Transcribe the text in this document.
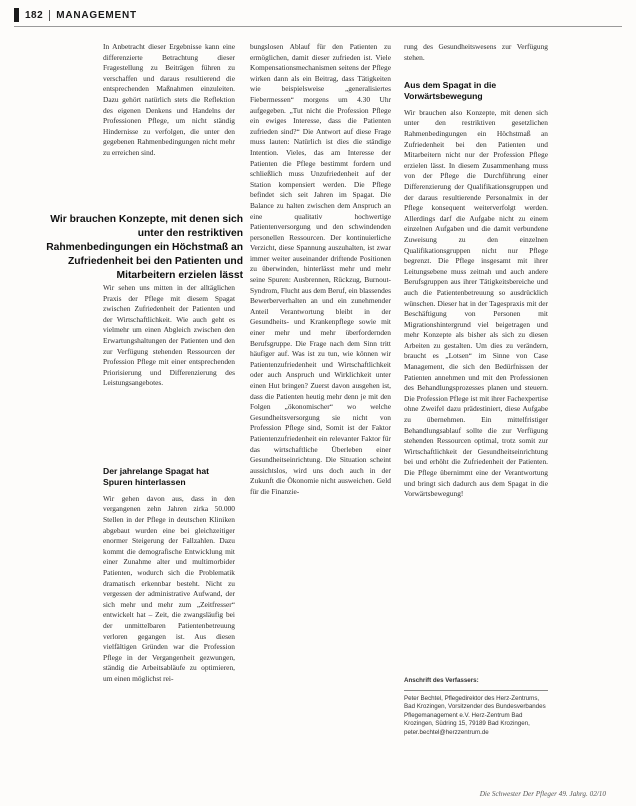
182 MANAGEMENT

In Anbetracht dieser Ergebnisse kann eine differenzierte Betrachtung dieser Fragestellung zu Beiträgen führen zu verschaffen und daraus resultierend die entsprechenden Maßnahmen einzuleiten. Dazu gehört natürlich stets die Reflektion des eigenen Denkens und Handelns der Professionen Pflege, um nicht ständig Hindernisse zu verfolgen, die unter den gegebenen Rahmenbedingungen nicht mehr zu erreichen sind.

Wir brauchen Konzepte, mit denen sich unter den restriktiven Rahmenbedingungen ein Höchstmaß an Zufriedenheit bei den Patienten und Mitarbeitern erzielen lässt

Wir sehen uns mitten in der alltäglichen Praxis der Pflege mit diesem Spagat zwischen Zufriedenheit der Patienten und der Wirtschaftlichkeit. Wie auch geht es vielmehr um einen Abgleich zwischen den Erwartungshaltungen der Patienten und den zur Verfügung stehenden Ressourcen der Profession Pflege mit einer entsprechenden Priorisierung und Differenzierung des Leistungsangebotes.

Der jahrelange Spagat hat Spuren hinterlassen

Wir gehen davon aus, dass in den vergangenen zehn Jahren zirka 50.000 Stellen in der Pflege in deutschen Kliniken abgebaut wurden eine bei gleichzeitiger enormer Steigerung der Fallzahlen. Dazu kommt die demografische Entwicklung mit einer Zunahme alter und multimorbider Patienten, wodurch sich die Problematik dramatisch erkennbar besteht. Nicht zu vergessen der administrative Aufwand, der sich mehr und mehr zum „Zeitfresser“ entwickelt hat – Zeit, die zwangsläufig bei der unmittelbaren Patientenbetreuung verloren gegangen ist. Aus diesen vielfältigen Gründen war die Profession Pflege in der Vergangenheit gezwungen, ständig die Arbeitsabläufe zu optimieren, um einen möglichst rei-

bungslosen Ablauf für den Patienten zu ermöglichen, damit dieser zufrieden ist. Viele Kompensationsmechanismen seitens der Pflege wirken dann als ein Beitrag, dass Tätigkeiten wie beispielsweise „generalisiertes Fiebermessen“ morgens um 4.30 Uhr aufgegeben. „Tut nicht die Profession Pflege ein ewiges Interesse, dass die Patienten zufrieden sind?“ Die Antwort auf diese Frage muss lauten: Natürlich ist dies die ständige Intention. Vieles, das am Interesse der Patienten die Pflege bestimmt fordern und schließlich muss Unzufriedenheit auf der Station kompensiert werden. Die Pflege befindet sich seit Jahren im Spagat. Die Balance zu halten zwischen dem Anspruch an eine qualitativ hochwertige Patientenversorgung und den schwindenden personellen Ressourcen. Der kontinuierliche Verzicht, diese Spannung auszuhalten, ist zwar immer weiter auseinander driftende Positionen zu überwinden, hinterlässt mehr und mehr seine Spuren: Ausbrennen, Rückzug, Burnout-Syndrom, Flucht aus dem Beruf, ein blassendes Bewerberverhalten an und ein zunehmender Anteil Verantwortung bleibt in der Gesundheits- und Krankenpflege sowie mit einer mehr und mehr überfordernden Berufsgruppe. Die Frage nach dem Sinn tritt häufiger auf. Was ist zu tun, wie können wir Patientenzufriedenheit und Wirtschaftlichkeit oder auch Anspruch und Wirklichkeit unter einen Hut bringen? Zuerst davon ausgehen ist, dass die Patienten heutig mehr denn je mit den Folgen „ökonomischer“ wo welche Gesundheitsversorgung sie nicht von Profession Pflege sind, Somit ist der Faktor Patientenzufriedenheit ein relevanter Faktor für das wirtschaftliche Überleben einer Gesundheitseinrichtung. Die Situation scheint aussichtslos, wird uns doch auch in der Zukunft die Ökonomie nicht ausweichen. Geld für die Finanzie-

rung des Gesundheitswesens zur Verfügung stehen.

Aus dem Spagat in die Vorwärtsbewegung

Wir brauchen also Konzepte, mit denen sich unter den restriktiven gesetzlichen Rahmenbedingungen ein Höchstmaß an Zufriedenheit bei den Patienten und Mitarbeitern nicht nur der Profession Pflege erzielen lässt. In diesem Zusammenhang muss von der Pflege die Durchführung einer Differenzierung der Qualifikationsgruppen und der daraus resultierende Personalmix in der Pflege konsequent weiterverfolgt werden. Allerdings darf die Aufgabe nicht zu einem einzelnen Aufgaben und die damit verbundene Zuweisung zu den einzelnen Qualifikationsgruppen nicht nur Pflege begrenzt. Die Pflege insgesamt mit ihrer Leitungsebene muss zeitnah und auch andere Berufsgruppen aus ihrer Tätigkeitsbereiche und auch die Patientenbetreuung so ausdrücklich wünschen. Dieser hat in der Tagespraxis mit der Beschäftigung von Personen mit Migrationshintergrund viel beigetragen und mehr Konzepte als bisher als sich zu diesen Arbeiten zu gestalten. Um dies zu verändern, braucht es „Lotsen“ im Sinne von Case Management, die sich den Bedürfnissen der Patienten annehmen und mit den Professionen des Behandlungsprozesses planen und steuern. Die Profession Pflege ist mit ihrer Fachexpertise ohne Zweifel dazu prädestiniert, diese Aufgabe zu übernehmen. Ein mittelfristiger Behandlungsablauf sollte die zur Verfügung stehenden Ressourcen optimal, trotz somit zur Wirtschaftlichkeit der Gesundheitseinrichtung bei und erhöht die Zufriedenheit der Patienten. Die Pflege übernimmt eine der Verantwortung und bringt sich dadurch aus dem Spagat in die Vorwärtsbewegung!

Anschrift des Verfassers:
Peter Bechtel, Pflegedirektor des Herz-Zentrums, Bad Krozingen, Vorsitzender des Bundesverbandes Pflegemanagement e.V. Herz-Zentrum Bad Krozingen, Südring 15, 79189 Bad Krozingen, peter.bechtel@herzzentrum.de
Die Schwester Der Pfleger 49. Jahrg. 02/10
